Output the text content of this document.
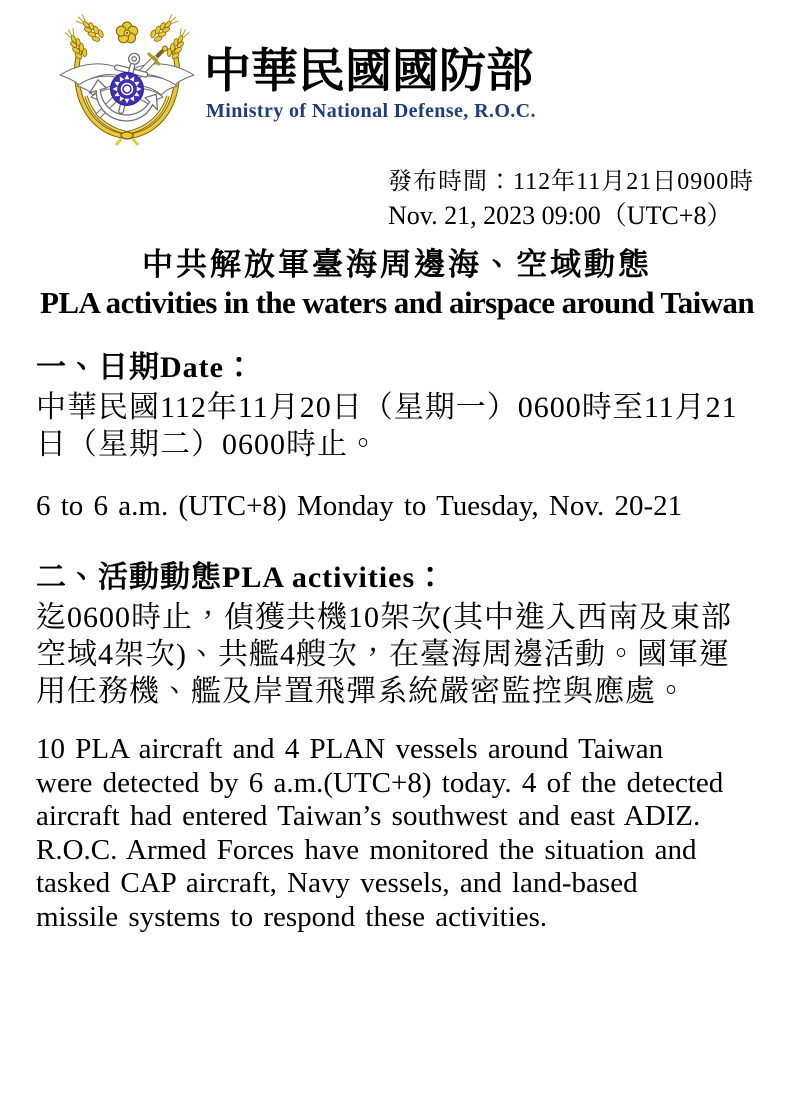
中華民國國防部
Ministry of National Defense, R.O.C.
發布時間：112年11月21日0900時
Nov. 21, 2023 09:00（UTC+8）
中共解放軍臺海周邊海、空域動態
PLA activities in the waters and airspace around Taiwan
一、日期Date：

中華民國112年11月20日（星期一）0600時至11月21
日（星期二）0600時止。

6 to 6 a.m. (UTC+8) Monday to Tuesday, Nov. 20-21

二、活動動態PLA activities：

迄0600時止，偵獲共機10架次(其中進入西南及東部
空域4架次)、共艦4艘次，在臺海周邊活動。國軍運
用任務機、艦及岸置飛彈系統嚴密監控與應處。

10 PLA aircraft and 4 PLAN vessels around Taiwan
were detected by 6 a.m.(UTC+8) today. 4 of the detected
aircraft had entered Taiwan’s southwest and east ADIZ.
R.O.C. Armed Forces have monitored the situation and
tasked CAP aircraft, Navy vessels, and land-based
missile systems to respond these activities.
